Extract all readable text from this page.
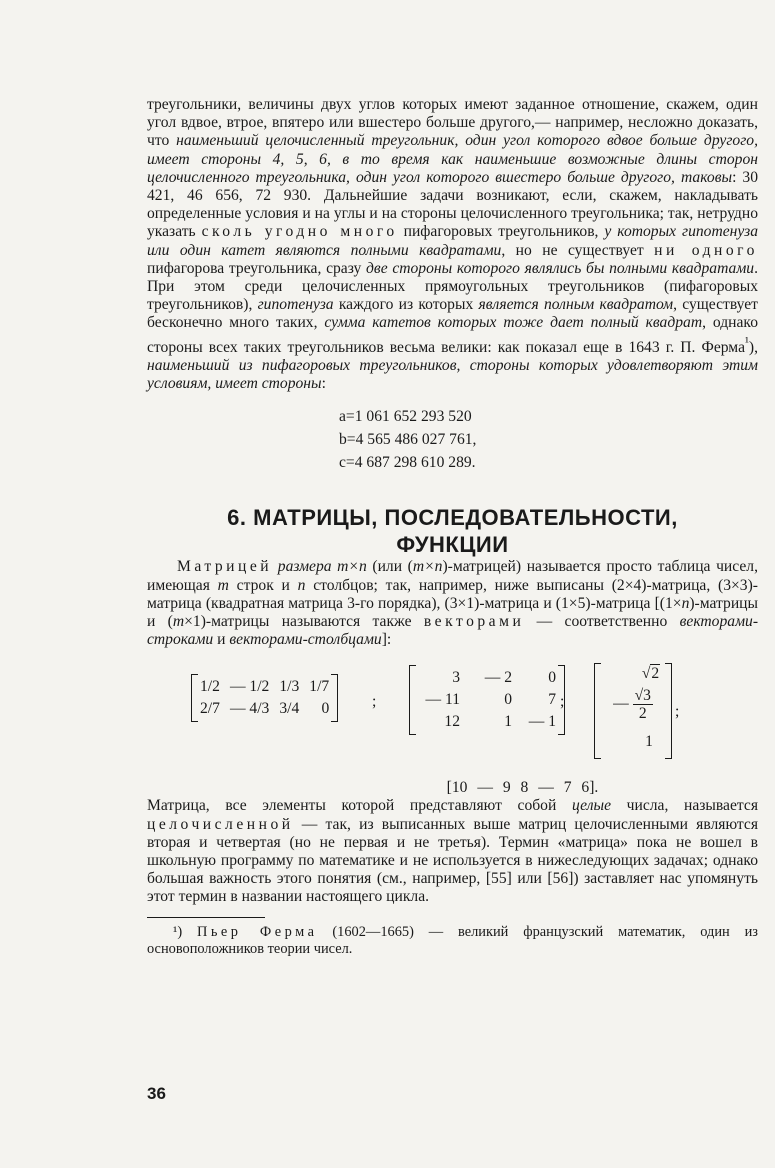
треугольники, величины двух углов которых имеют заданное отношение, скажем, один угол вдвое, втрое, впятеро или вшестеро больше другого,— например, несложно доказать, что наименьший целочисленный треугольник, один угол которого вдвое больше другого, имеет стороны 4, 5, 6, в то время как наименьшие возможные длины сторон целочисленного треугольника, один угол которого вшестеро больше другого, таковы: 30 421, 46 656, 72 930. Дальнейшие задачи возникают, если, скажем, накладывать определенные условия и на углы и на стороны целочисленного треугольника; так, нетрудно указать сколь угодно много пифагоровых треугольников, у которых гипотенуза или один катет являются полными квадратами, но не существует ни одного пифагорова треугольника, сразу две стороны которого являлись бы полными квадратами. При этом среди целочисленных прямоугольных треугольников (пифагоровых треугольников), гипотенуза каждого из которых является полным квадратом, существует бесконечно много таких, сумма катетов которых тоже дает полный квадрат, однако стороны всех таких треугольников весьма велики: как показал еще в 1643 г. П. Ферма$^{^1}$), наименьший из пифагоровых треугольников, стороны которых удовлетворяют этим условиям, имеет стороны:

a=1 061 652 293 520
b=4 565 486 027 761,
c=4 687 298 610 289.
6. МАТРИЦЫ, ПОСЛЕДОВАТЕЛЬНОСТИ,
ФУНКЦИИ

Матрицей размера m×n (или (m×n)-матрицей) называется просто таблица чисел, имеющая m строк и n столбцов; так, например, ниже выписаны (2×4)-матрица, (3×3)-матрица (квадратная матрица 3-го порядка), (3×1)-матрица и (1×5)-матрица [(1×n)-матрицы и (m×1)-матрицы называются также векторами — соответственно векторами-строками и векторами-столбцами]:

1/2	— 1/2	1/3	1/7
2/7	— 4/3	3/4	0	;
3	— 2	0
— 11	0	7
12	1	— 1
;
√2
— $\frac{√3}{2}$
1
;
[10 — 9 8 — 7 6].

Матрица, все элементы которой представляют собой целые числа, называется целочисленной — так, из выписанных выше матриц целочисленными являются вторая и четвертая (но не первая и не третья). Термин «матрица» пока не вошел в школьную программу по математике и не используется в нижеследующих задачах; однако большая важность этого понятия (см., например, [55] или [56]) заставляет нас упомянуть этот термин в названии настоящего цикла.

¹) Пьер Ферма (1602—1665) — великий французский математик, один из основоположников теории чисел.

36
